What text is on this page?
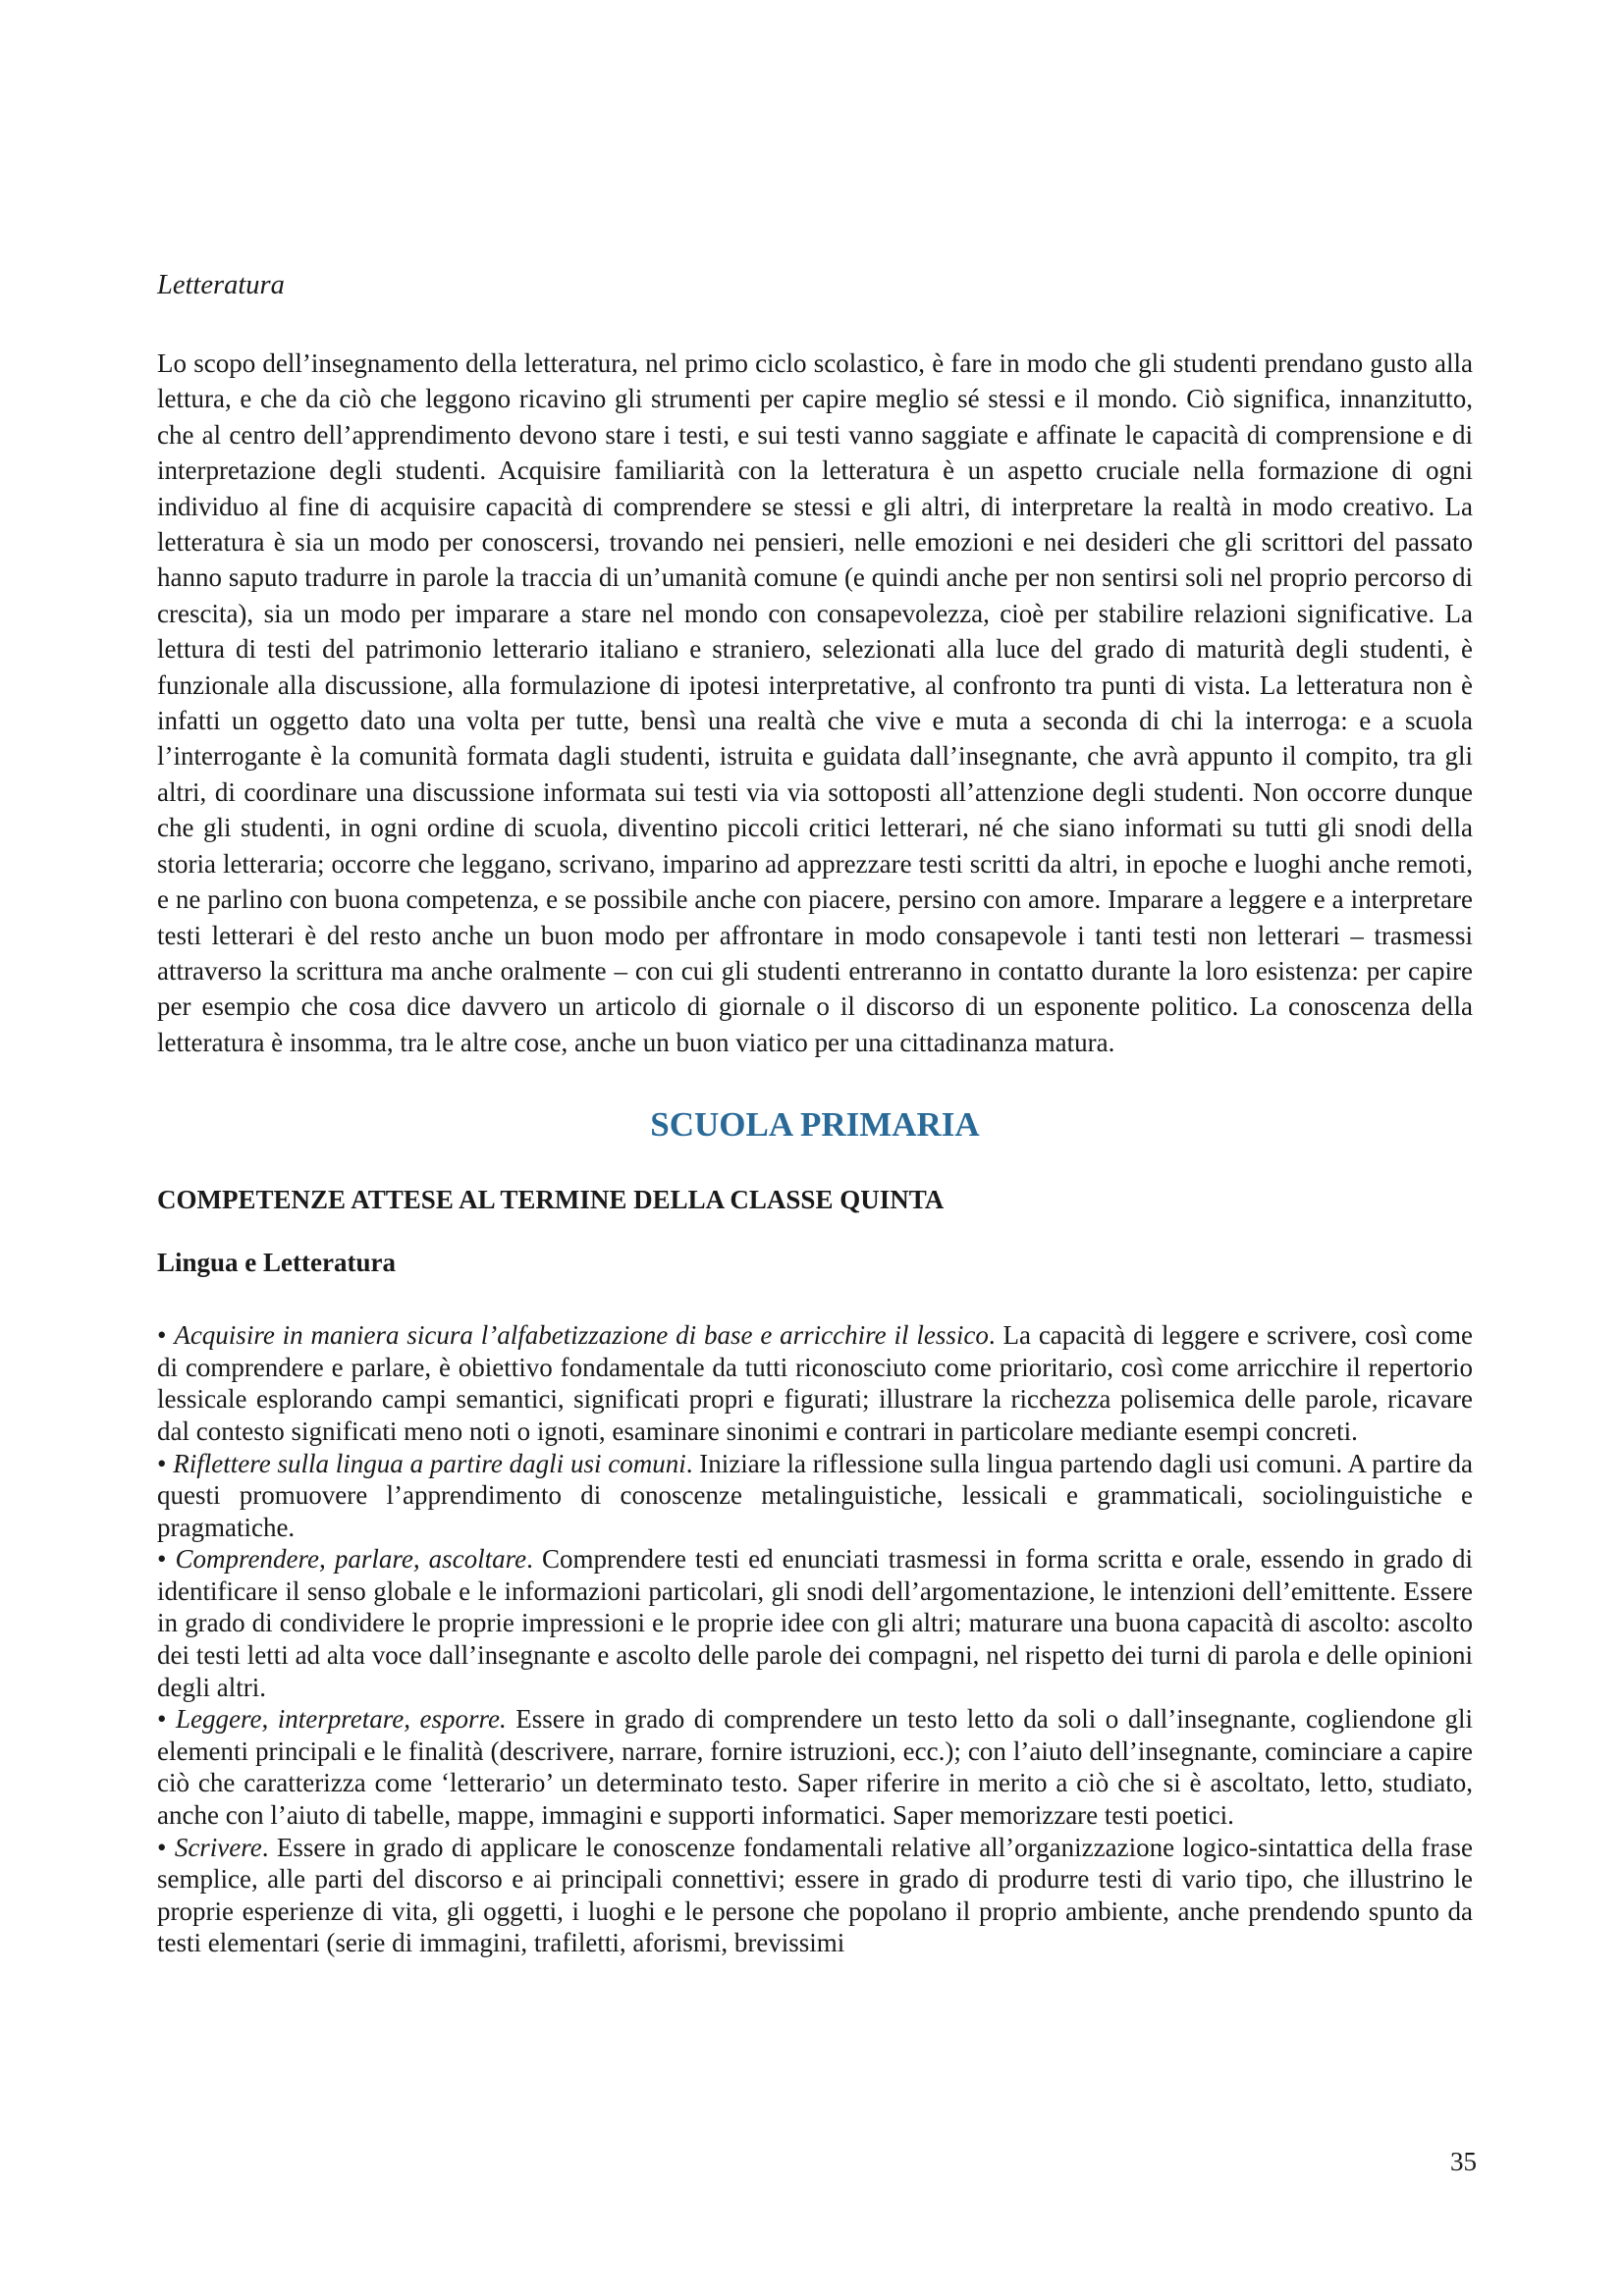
Letteratura

Lo scopo dell’insegnamento della letteratura, nel primo ciclo scolastico, è fare in modo che gli studenti prendano gusto alla lettura, e che da ciò che leggono ricavino gli strumenti per capire meglio sé stessi e il mondo. Ciò significa, innanzitutto, che al centro dell’apprendimento devono stare i testi, e sui testi vanno saggiate e affinate le capacità di comprensione e di interpretazione degli studenti. Acquisire familiarità con la letteratura è un aspetto cruciale nella formazione di ogni individuo al fine di acquisire capacità di comprendere se stessi e gli altri, di interpretare la realtà in modo creativo. La letteratura è sia un modo per conoscersi, trovando nei pensieri, nelle emozioni e nei desideri che gli scrittori del passato hanno saputo tradurre in parole la traccia di un’umanità comune (e quindi anche per non sentirsi soli nel proprio percorso di crescita), sia un modo per imparare a stare nel mondo con consapevolezza, cioè per stabilire relazioni significative. La lettura di testi del patrimonio letterario italiano e straniero, selezionati alla luce del grado di maturità degli studenti, è funzionale alla discussione, alla formulazione di ipotesi interpretative, al confronto tra punti di vista. La letteratura non è infatti un oggetto dato una volta per tutte, bensì una realtà che vive e muta a seconda di chi la interroga: e a scuola l’interrogante è la comunità formata dagli studenti, istruita e guidata dall’insegnante, che avrà appunto il compito, tra gli altri, di coordinare una discussione informata sui testi via via sottoposti all’attenzione degli studenti. Non occorre dunque che gli studenti, in ogni ordine di scuola, diventino piccoli critici letterari, né che siano informati su tutti gli snodi della storia letteraria; occorre che leggano, scrivano, imparino ad apprezzare testi scritti da altri, in epoche e luoghi anche remoti, e ne parlino con buona competenza, e se possibile anche con piacere, persino con amore. Imparare a leggere e a interpretare testi letterari è del resto anche un buon modo per affrontare in modo consapevole i tanti testi non letterari – trasmessi attraverso la scrittura ma anche oralmente – con cui gli studenti entreranno in contatto durante la loro esistenza: per capire per esempio che cosa dice davvero un articolo di giornale o il discorso di un esponente politico. La conoscenza della letteratura è insomma, tra le altre cose, anche un buon viatico per una cittadinanza matura.

SCUOLA PRIMARIA
COMPETENZE ATTESE AL TERMINE DELLA CLASSE QUINTA
Lingua e Letteratura

• Acquisire in maniera sicura l’alfabetizzazione di base e arricchire il lessico. La capacità di leggere e scrivere, così come di comprendere e parlare, è obiettivo fondamentale da tutti riconosciuto come prioritario, così come arricchire il repertorio lessicale esplorando campi semantici, significati propri e figurati; illustrare la ricchezza polisemica delle parole, ricavare dal contesto significati meno noti o ignoti, esaminare sinonimi e contrari in particolare mediante esempi concreti.

• Riflettere sulla lingua a partire dagli usi comuni. Iniziare la riflessione sulla lingua partendo dagli usi comuni. A partire da questi promuovere l’apprendimento di conoscenze metalinguistiche, lessicali e grammaticali, sociolinguistiche e pragmatiche.

• Comprendere, parlare, ascoltare. Comprendere testi ed enunciati trasmessi in forma scritta e orale, essendo in grado di identificare il senso globale e le informazioni particolari, gli snodi dell’argomentazione, le intenzioni dell’emittente. Essere in grado di condividere le proprie impressioni e le proprie idee con gli altri; maturare una buona capacità di ascolto: ascolto dei testi letti ad alta voce dall’insegnante e ascolto delle parole dei compagni, nel rispetto dei turni di parola e delle opinioni degli altri.

• Leggere, interpretare, esporre. Essere in grado di comprendere un testo letto da soli o dall’insegnante, cogliendone gli elementi principali e le finalità (descrivere, narrare, fornire istruzioni, ecc.); con l’aiuto dell’insegnante, cominciare a capire ciò che caratterizza come ‘letterario’ un determinato testo. Saper riferire in merito a ciò che si è ascoltato, letto, studiato, anche con l’aiuto di tabelle, mappe, immagini e supporti informatici. Saper memorizzare testi poetici.

• Scrivere. Essere in grado di applicare le conoscenze fondamentali relative all’organizzazione logico-sintattica della frase semplice, alle parti del discorso e ai principali connettivi; essere in grado di produrre testi di vario tipo, che illustrino le proprie esperienze di vita, gli oggetti, i luoghi e le persone che popolano il proprio ambiente, anche prendendo spunto da testi elementari (serie di immagini, trafiletti, aforismi, brevissimi

35
